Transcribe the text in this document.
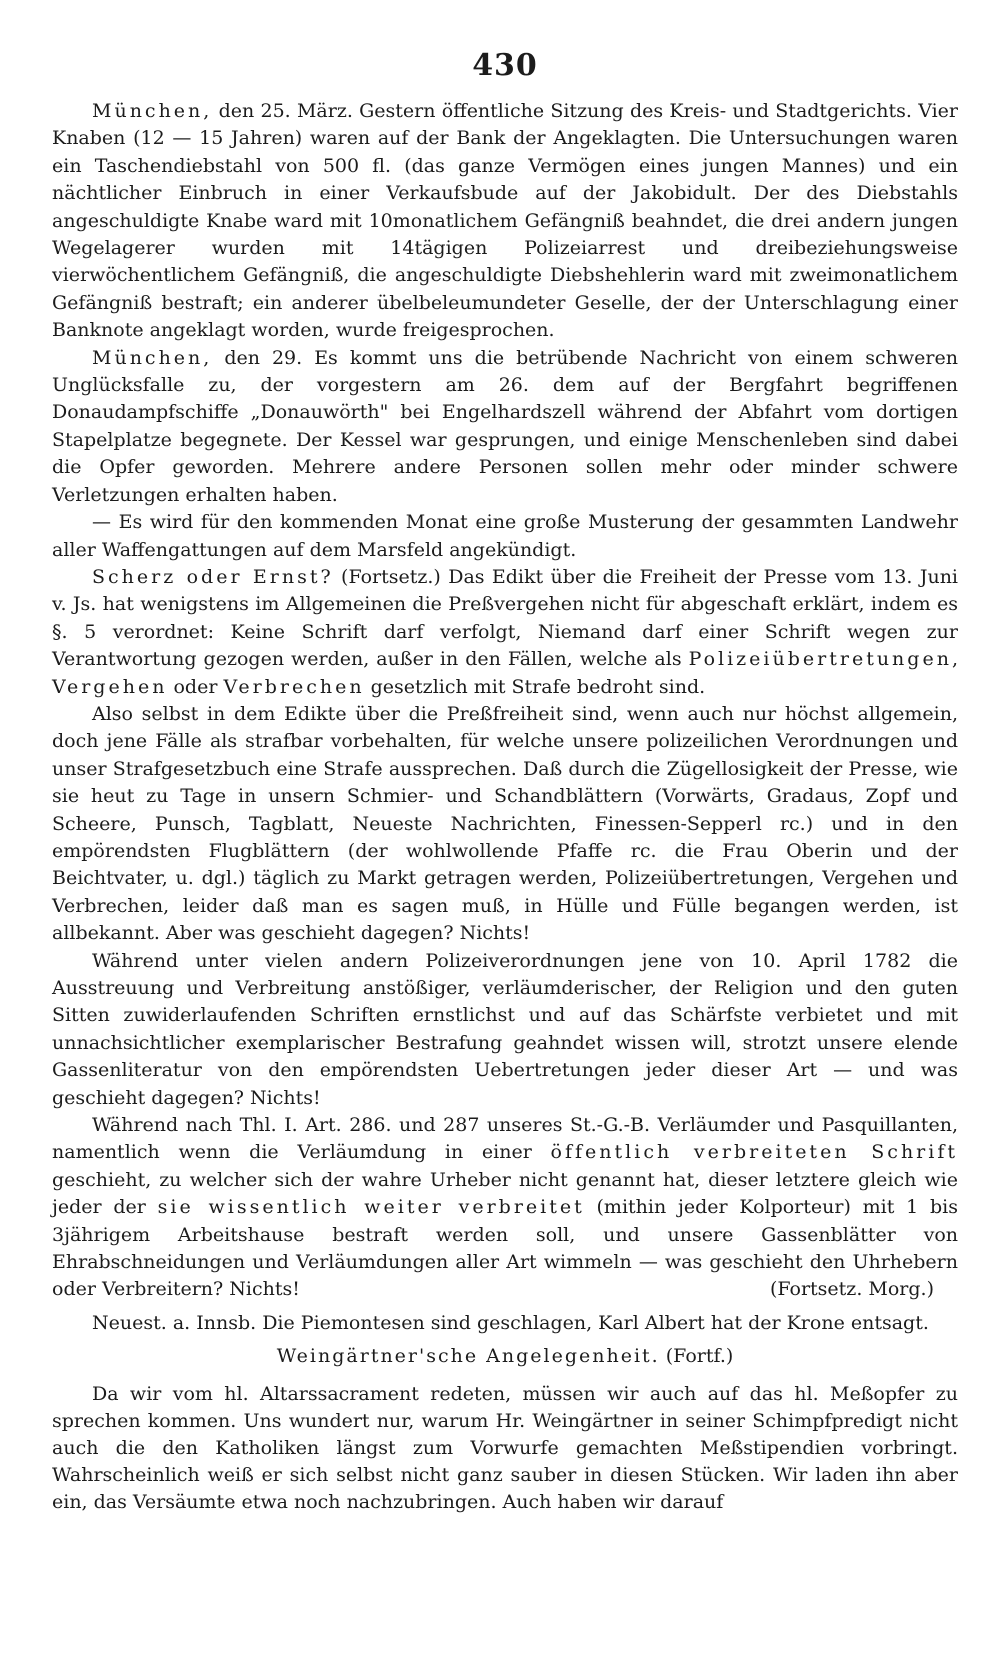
430

München, den 25. März. Gestern öffentliche Sitzung des Kreis- und Stadtgerichts. Vier Knaben (12 — 15 Jahren) waren auf der Bank der Angeklagten. Die Untersuchungen waren ein Taschendiebstahl von 500 fl. (das ganze Vermögen eines jungen Mannes) und ein nächtlicher Einbruch in einer Verkaufsbude auf der Jakobidult. Der des Diebstahls angeschuldigte Knabe ward mit 10monatlichem Gefängniß beahndet, die drei andern jungen Wegelagerer wurden mit 14tägigen Polizeiarrest und dreibeziehungsweise vierwöchentlichem Gefängniß, die angeschuldigte Diebshehlerin ward mit zweimonatlichem Gefängniß bestraft; ein anderer übelbeleumundeter Geselle, der der Unterschlagung einer Banknote angeklagt worden, wurde freigesprochen.

München, den 29. Es kommt uns die betrübende Nachricht von einem schweren Unglücksfalle zu, der vorgestern am 26. dem auf der Bergfahrt begriffenen Donaudampfschiffe „Donauwörth" bei Engelhardszell während der Abfahrt vom dortigen Stapelplatze begegnete. Der Kessel war gesprungen, und einige Menschenleben sind dabei die Opfer geworden. Mehrere andere Personen sollen mehr oder minder schwere Verletzungen erhalten haben.

— Es wird für den kommenden Monat eine große Musterung der gesammten Landwehr aller Waffengattungen auf dem Marsfeld angekündigt.

Scherz oder Ernst? (Fortsetz.) Das Edikt über die Freiheit der Presse vom 13. Juni v. Js. hat wenigstens im Allgemeinen die Preßvergehen nicht für abgeschaft erklärt, indem es §. 5 verordnet: Keine Schrift darf verfolgt, Niemand darf einer Schrift wegen zur Verantwortung gezogen werden, außer in den Fällen, welche als Polizeiübertretungen, Vergehen oder Verbrechen gesetzlich mit Strafe bedroht sind.

Also selbst in dem Edikte über die Preßfreiheit sind, wenn auch nur höchst allgemein, doch jene Fälle als strafbar vorbehalten, für welche unsere polizeilichen Verordnungen und unser Strafgesetzbuch eine Strafe aussprechen. Daß durch die Zügellosigkeit der Presse, wie sie heut zu Tage in unsern Schmier- und Schandblättern (Vorwärts, Gradaus, Zopf und Scheere, Punsch, Tagblatt, Neueste Nachrichten, Finessen-Sepperl rc.) und in den empörendsten Flugblättern (der wohlwollende Pfaffe rc. die Frau Oberin und der Beichtvater, u. dgl.) täglich zu Markt getragen werden, Polizeiübertretungen, Vergehen und Verbrechen, leider daß man es sagen muß, in Hülle und Fülle begangen werden, ist allbekannt. Aber was geschieht dagegen? Nichts!

Während unter vielen andern Polizeiverordnungen jene von 10. April 1782 die Ausstreuung und Verbreitung anstößiger, verläumderischer, der Religion und den guten Sitten zuwiderlaufenden Schriften ernstlichst und auf das Schärfste verbietet und mit unnachsichtlicher exemplarischer Bestrafung geahndet wissen will, strotzt unsere elende Gassenliteratur von den empörendsten Uebertretungen jeder dieser Art — und was geschieht dagegen? Nichts!

Während nach Thl. I. Art. 286. und 287 unseres St.-G.-B. Verläumder und Pasquillanten, namentlich wenn die Verläumdung in einer öffentlich verbreiteten Schrift geschieht, zu welcher sich der wahre Urheber nicht genannt hat, dieser letztere gleich wie jeder der sie wissentlich weiter verbreitet (mithin jeder Kolporteur) mit 1 bis 3jährigem Arbeitshause bestraft werden soll, und unsere Gassenblätter von Ehrabschneidungen und Verläumdungen aller Art wimmeln — was geschieht den Uhrhebern oder Verbreitern? Nichts!	(Fortsetz. Morg.)

Neuest. a. Innsb. Die Piemontesen sind geschlagen, Karl Albert hat der Krone entsagt.

Weingärtner'sche Angelegenheit. (Fortf.)

Da wir vom hl. Altarssacrament redeten, müssen wir auch auf das hl. Meßopfer zu sprechen kommen. Uns wundert nur, warum Hr. Weingärtner in seiner Schimpfpredigt nicht auch die den Katholiken längst zum Vorwurfe gemachten Meßstipendien vorbringt. Wahrscheinlich weiß er sich selbst nicht ganz sauber in diesen Stücken. Wir laden ihn aber ein, das Versäumte etwa noch nachzubringen. Auch haben wir darauf
